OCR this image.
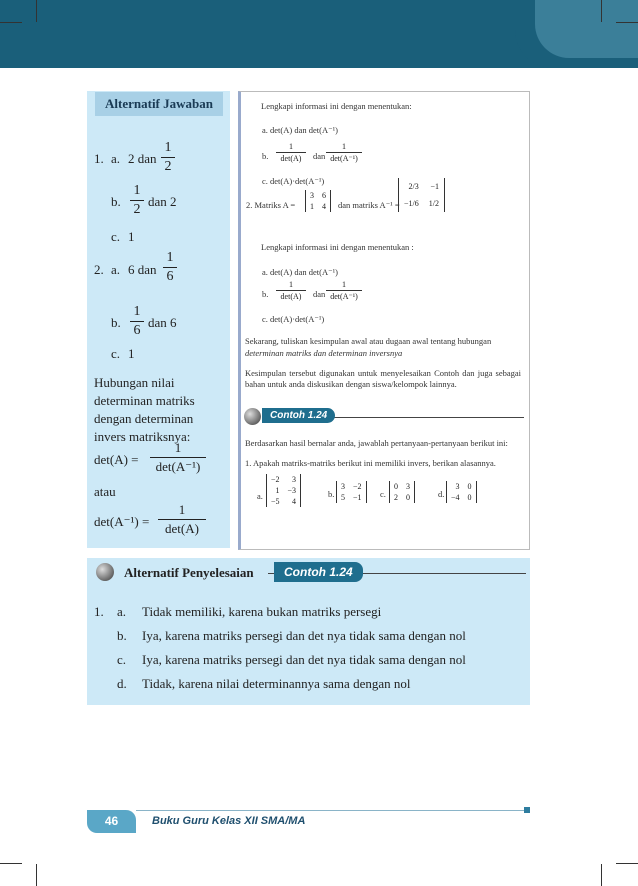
Alternatif Jawaban
1. a. 2 dan
1
2
b.
1
2
dan 2
c. 1
2. a. 6 dan
1
6
b.
1
6
dan 6
c. 1
Hubungan nilai
determinan matriks
dengan determinan
invers matriksnya:
det(A) =
1
det(A⁻¹)
atau
det(A⁻¹) =
1
det(A)
Lengkapi informasi ini dengan menentukan:
a. det(A) dan det(A⁻¹)
b.
1
det(A)	dan
1
det(A⁻¹)
c. det(A)·det(A⁻¹)
2. Matriks A =
3	6
1	4 dan matriks A⁻¹ =
2/3	−1
−1/6	1/2
Lengkapi informasi ini dengan menentukan :
a. det(A) dan det(A⁻¹)
b.
1
det(A)	dan
1
det(A⁻¹)
c. det(A)·det(A⁻¹)
Sekarang, tuliskan kesimpulan awal atau dugaan awal tentang hubungan
determinan matriks dan determinan inversnya
Kesimpulan tersebut digunakan untuk menyelesaikan Contoh dan juga sebagai bahan untuk anda diskusikan dengan siswa/kelompok lainnya.
Contoh 1.24
Berdasarkan hasil bernalar anda, jawablah pertanyaan-pertanyaan berikut ini:
1. Apakah matriks-matriks berikut ini memiliki invers, berikan alasannya.
a.
−2	3
1	−3
−5	4
b.
3	−2
5	−1 c.
0	3
2	0	d.
3	0
−4	0
Alternatif Penyelesaian	Contoh 1.24
1. a. Tidak memiliki, karena bukan matriks persegi
b. Iya, karena matriks persegi dan det nya tidak sama dengan nol
c. Iya, karena matriks persegi dan det nya tidak sama dengan nol
d. Tidak, karena nilai determinannya sama dengan nol
46	Buku Guru Kelas XII SMA/MA
